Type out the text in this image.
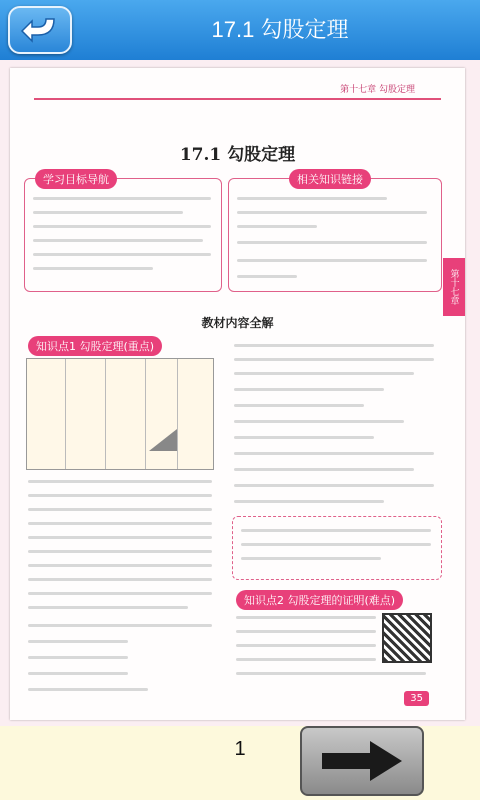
17.1 勾股定理
第十七章 勾股定理
17.1 勾股定理
学习目标导航	相关知识链接
第十七章
教材内容全解
知识点1 勾股定理(重点)
知识点2 勾股定理的证明(难点)
35
1
